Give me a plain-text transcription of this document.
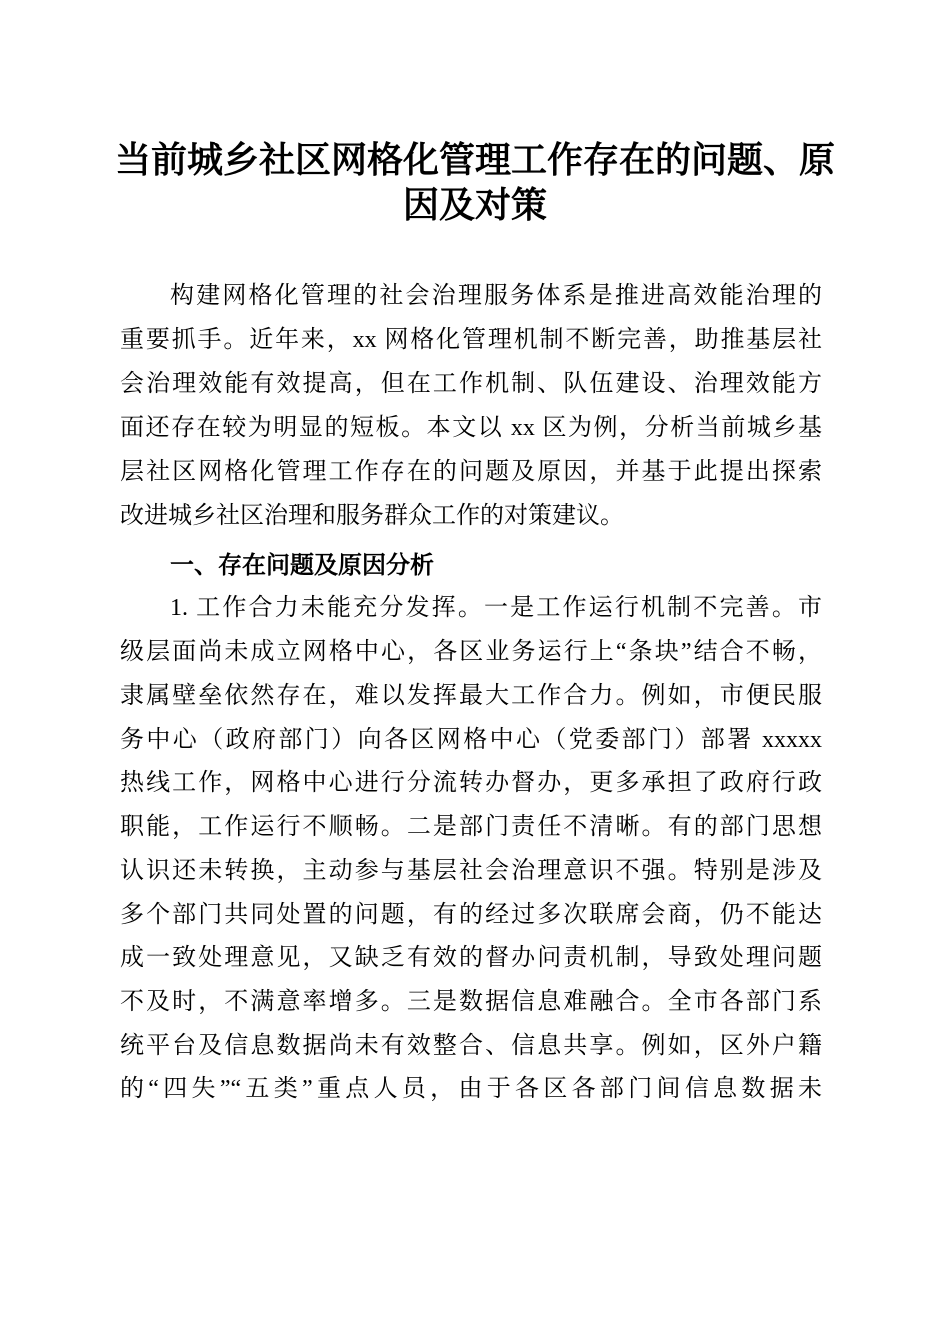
当前城乡社区网格化管理工作存在的问题、原
因及对策
构建网格化管理的社会治理服务体系是推进高效能治理的
重要抓手。近年来，xx 网格化管理机制不断完善，助推基层社
会治理效能有效提高，但在工作机制、队伍建设、治理效能方
面还存在较为明显的短板。本文以 xx 区为例，分析当前城乡基
层社区网格化管理工作存在的问题及原因，并基于此提出探索
改进城乡社区治理和服务群众工作的对策建议。
一、存在问题及原因分析
1. 工作合力未能充分发挥。一是工作运行机制不完善。市
级层面尚未成立网格中心，各区业务运行上“条块”结合不畅，
隶属壁垒依然存在，难以发挥最大工作合力。例如，市便民服
务中心（政府部门）向各区网格中心（党委部门）部署 xxxxx
热线工作，网格中心进行分流转办督办，更多承担了政府行政
职能，工作运行不顺畅。二是部门责任不清晰。有的部门思想
认识还未转换，主动参与基层社会治理意识不强。特别是涉及
多个部门共同处置的问题，有的经过多次联席会商，仍不能达
成一致处理意见，又缺乏有效的督办问责机制，导致处理问题
不及时，不满意率增多。三是数据信息难融合。全市各部门系
统平台及信息数据尚未有效整合、信息共享。例如，区外户籍
的“四失”“五类”重点人员，由于各区各部门间信息数据未
